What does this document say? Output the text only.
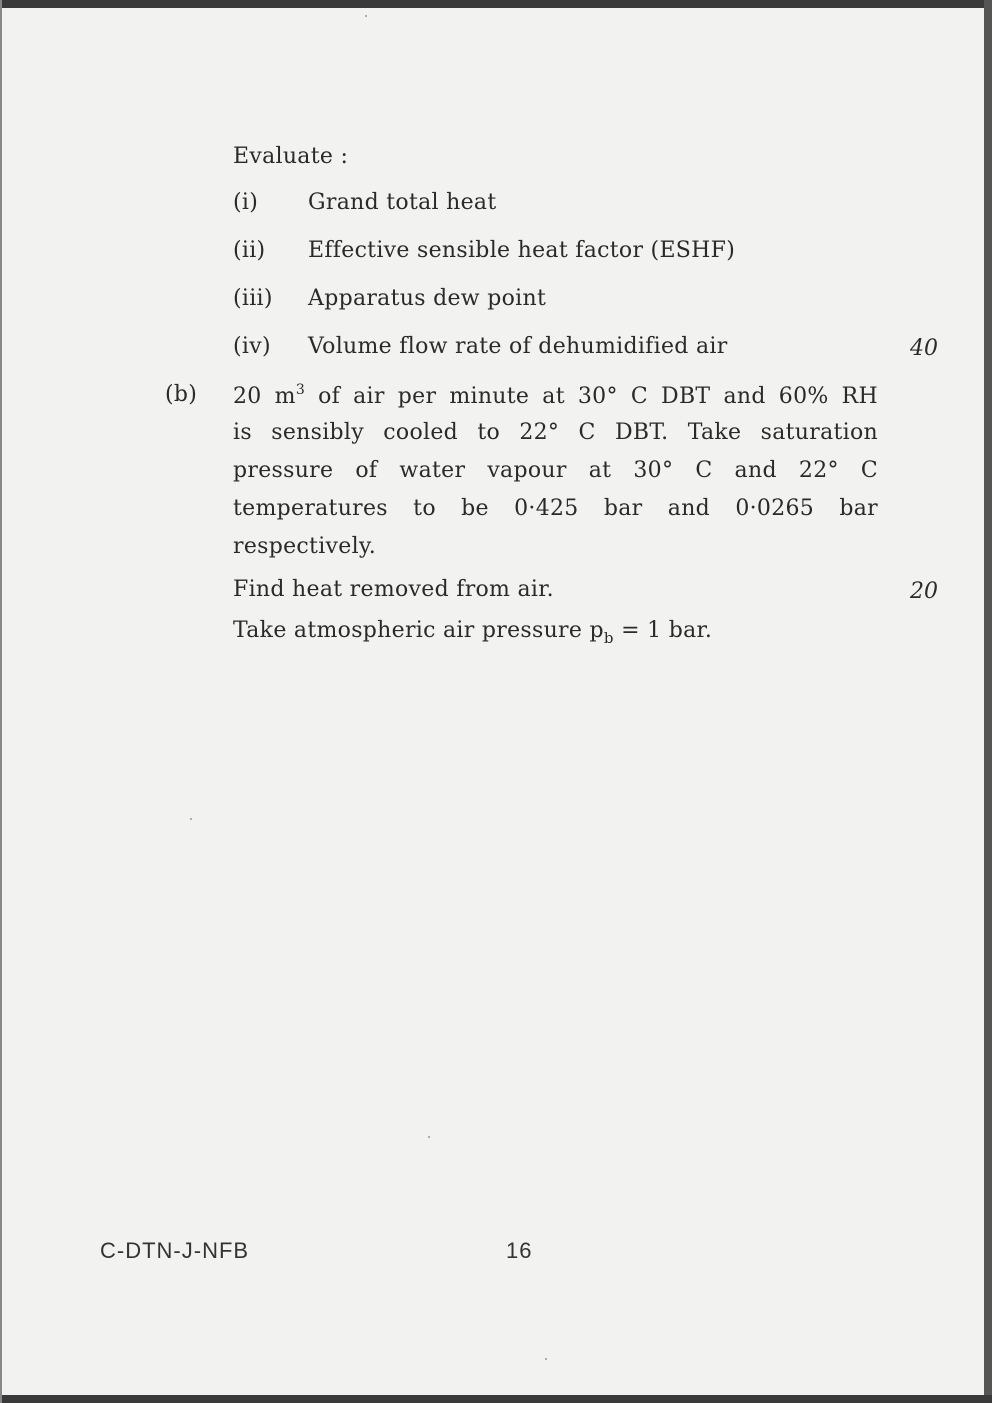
Evaluate :
(i) Grand total heat
(ii) Effective sensible heat factor (ESHF)
(iii) Apparatus dew point
(iv) Volume flow rate of dehumidified air	40
(b) 20 $m^3$ of air per minute at 30° C DBT and 60% RH
is sensibly cooled to 22° C DBT. Take saturation
pressure of water vapour at 30° C and 22° C
temperatures to be 0·425 bar and 0·0265 bar
respectively.
Find heat removed from air.	20
Take atmospheric air pressure $p_b = 1$ bar.
C-DTN-J-NFB	16
